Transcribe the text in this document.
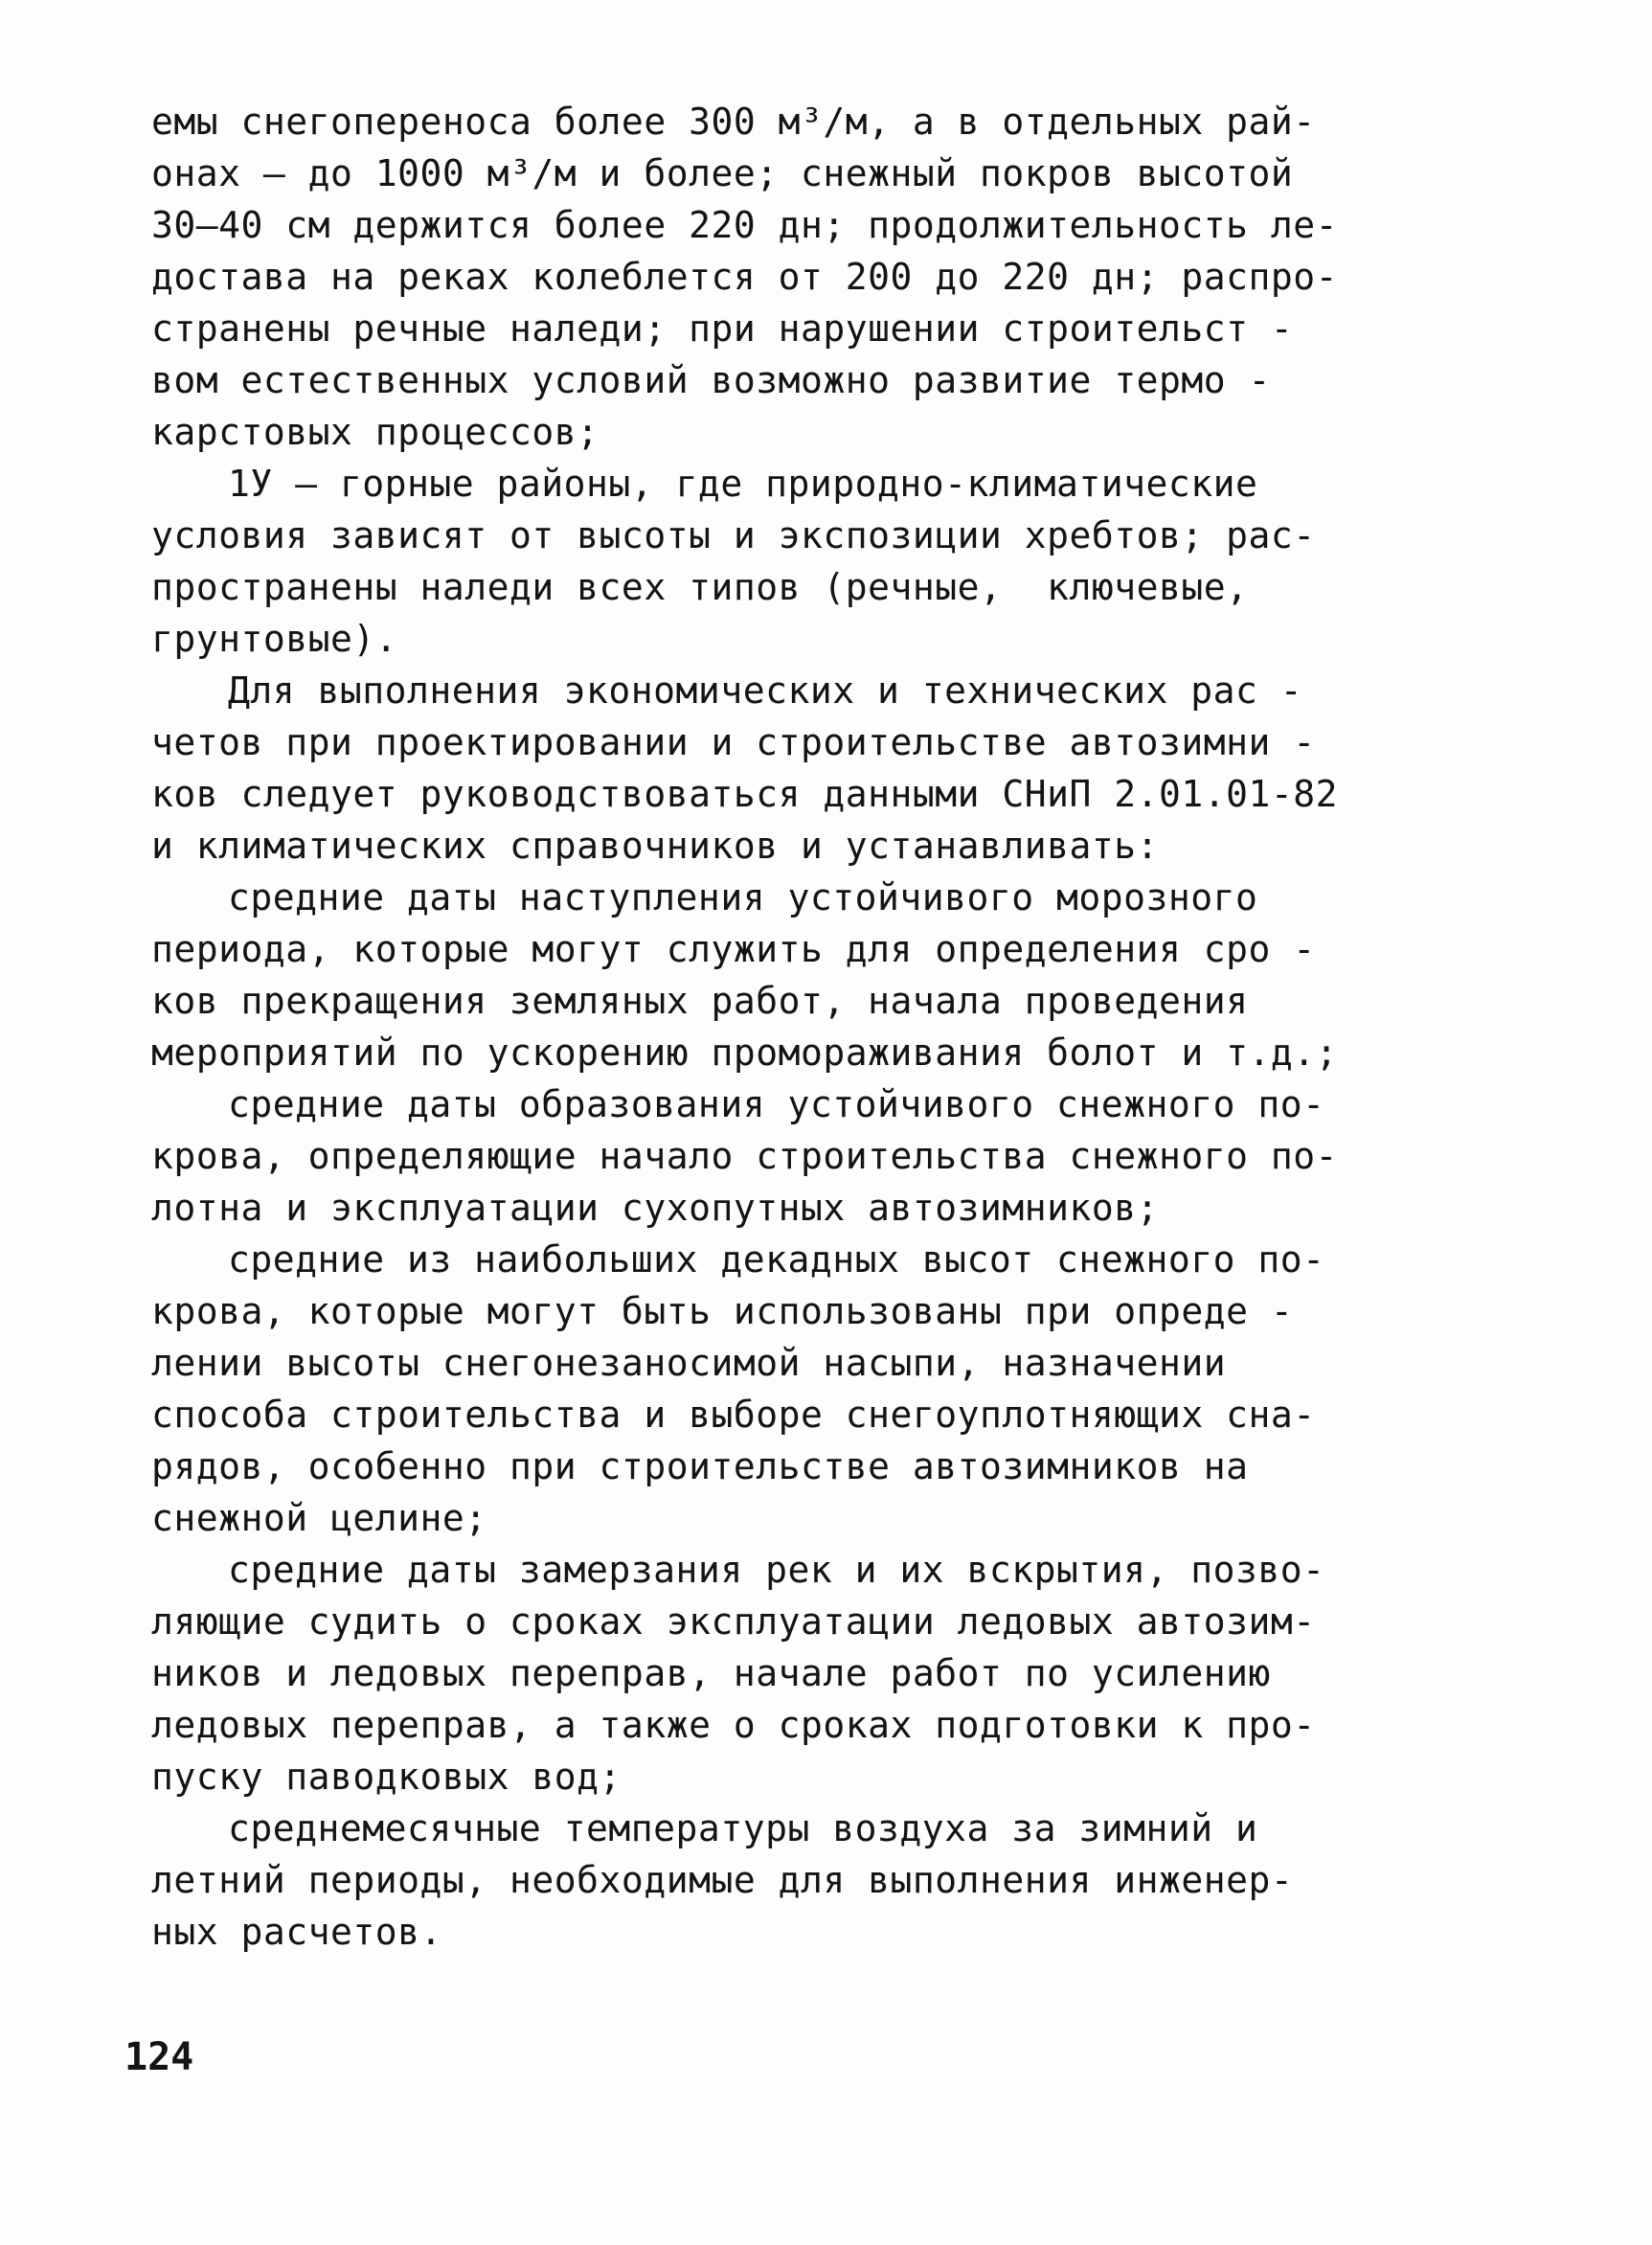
емы снегопереноса более 300 м³/м, а в отдельных рай-
онах – до 1000 м³/м и более; снежный покров высотой
30–40 см держится более 220 дн; продолжительность ле-
достава на реках колеблется от 200 до 220 дн; распро-
странены речные наледи; при нарушении строительст -
вом естественных условий возможно развитие термо -
карстовых процессов;
1У – горные районы, где природно-климатические
условия зависят от высоты и экспозиции хребтов; рас-
пространены наледи всех типов (речные,  ключевые,
грунтовые).
Для выполнения экономических и технических рас -
четов при проектировании и строительстве автозимни -
ков следует руководствоваться данными СНиП 2.01.01-82
и климатических справочников и устанавливать:
средние даты наступления устойчивого морозного
периода, которые могут служить для определения сро -
ков прекращения земляных работ, начала проведения
мероприятий по ускорению промораживания болот и т.д.;
средние даты образования устойчивого снежного по-
крова, определяющие начало строительства снежного по-
лотна и эксплуатации сухопутных автозимников;
средние из наибольших декадных высот снежного по-
крова, которые могут быть использованы при опреде -
лении высоты снегонезаносимой насыпи, назначении
способа строительства и выборе снегоуплотняющих сна-
рядов, особенно при строительстве автозимников на
снежной целине;
средние даты замерзания рек и их вскрытия, позво-
ляющие судить о сроках эксплуатации ледовых автозим-
ников и ледовых переправ, начале работ по усилению
ледовых переправ, а также о сроках подготовки к про-
пуску паводковых вод;
среднемесячные температуры воздуха за зимний и
летний периоды, необходимые для выполнения инженер-
ных расчетов.
124
